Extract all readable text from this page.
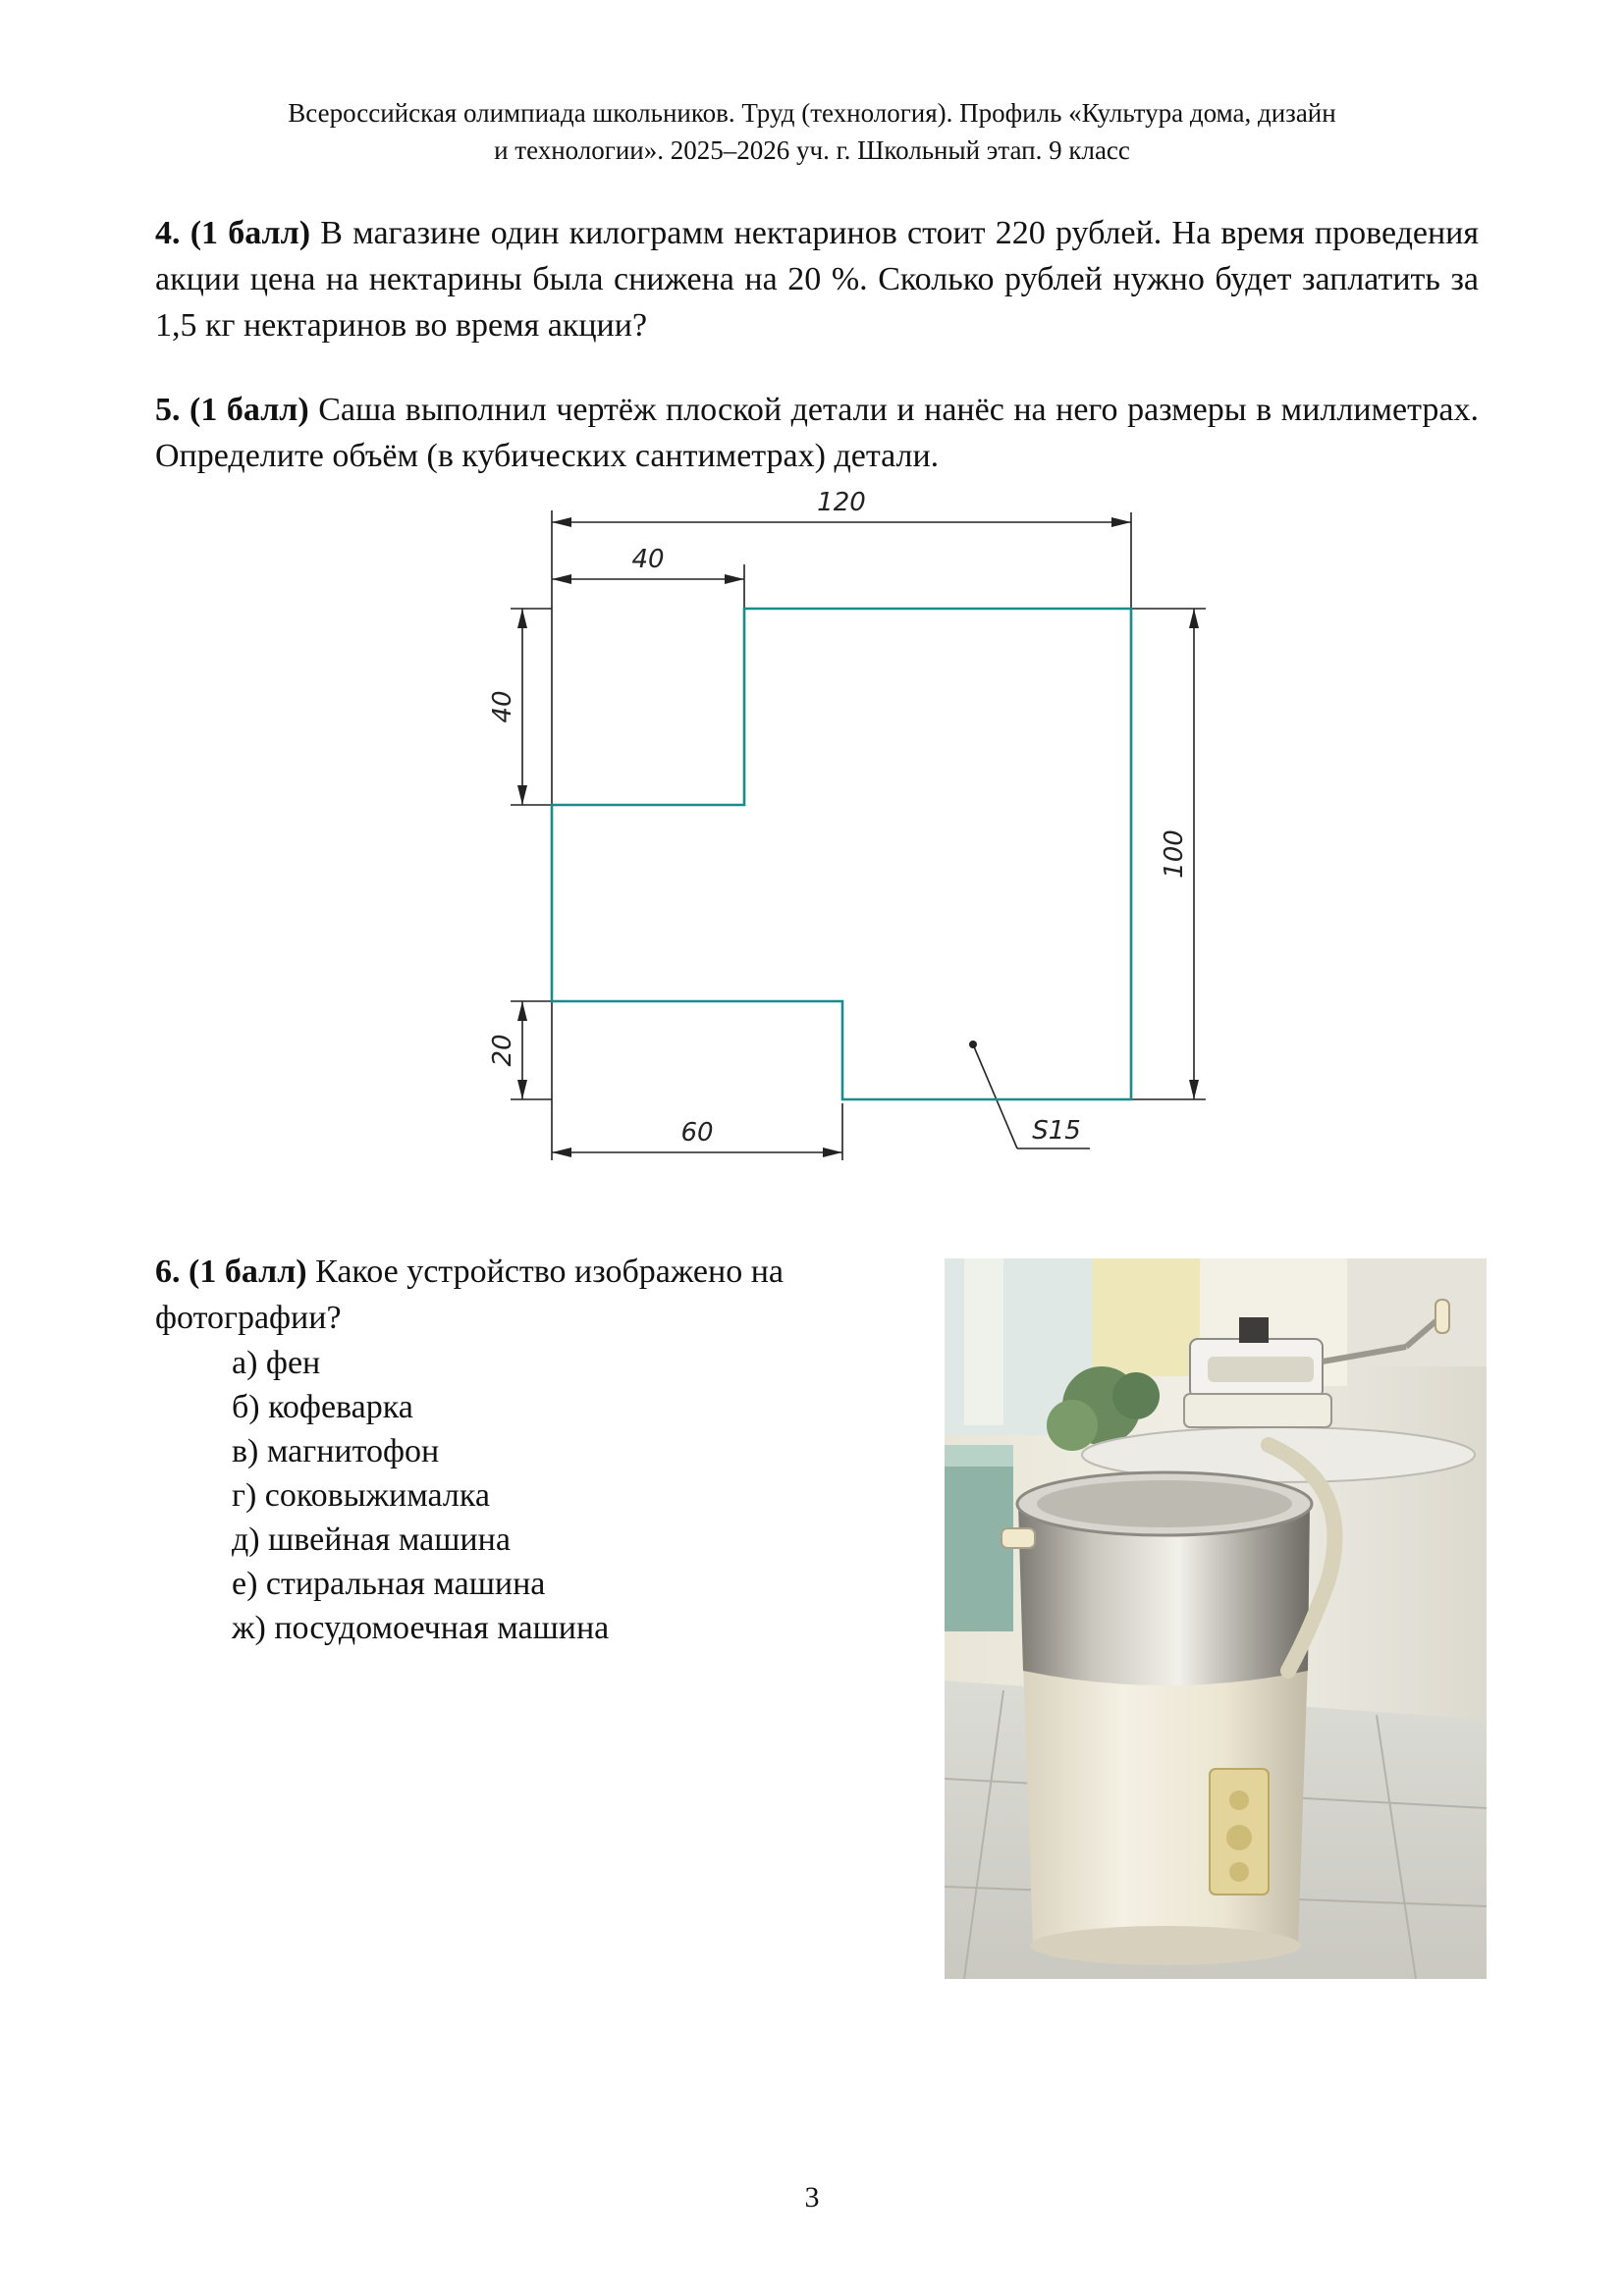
Всероссийская олимпиада школьников. Труд (технология). Профиль «Культура дома, дизайн
и технологии». 2025–2026 уч. г. Школьный этап. 9 класс
4. (1 балл) В магазине один килограмм нектаринов стоит 220 рублей. На время проведения акции цена на нектарины была снижена на 20 %. Сколько рублей нужно будет заплатить за 1,5 кг нектаринов во время акции?
5. (1 балл) Саша выполнил чертёж плоской детали и нанёс на него размеры в миллиметрах. Определите объём (в кубических сантиметрах) детали.
120
40
40
100
20
60	S15
6. (1 балл) Какое устройство изображено на фотографии?
а) фен
б) кофеварка
в) магнитофон
г) соковыжималка
д) швейная машина
е) стиральная машина
ж) посудомоечная машина
3
